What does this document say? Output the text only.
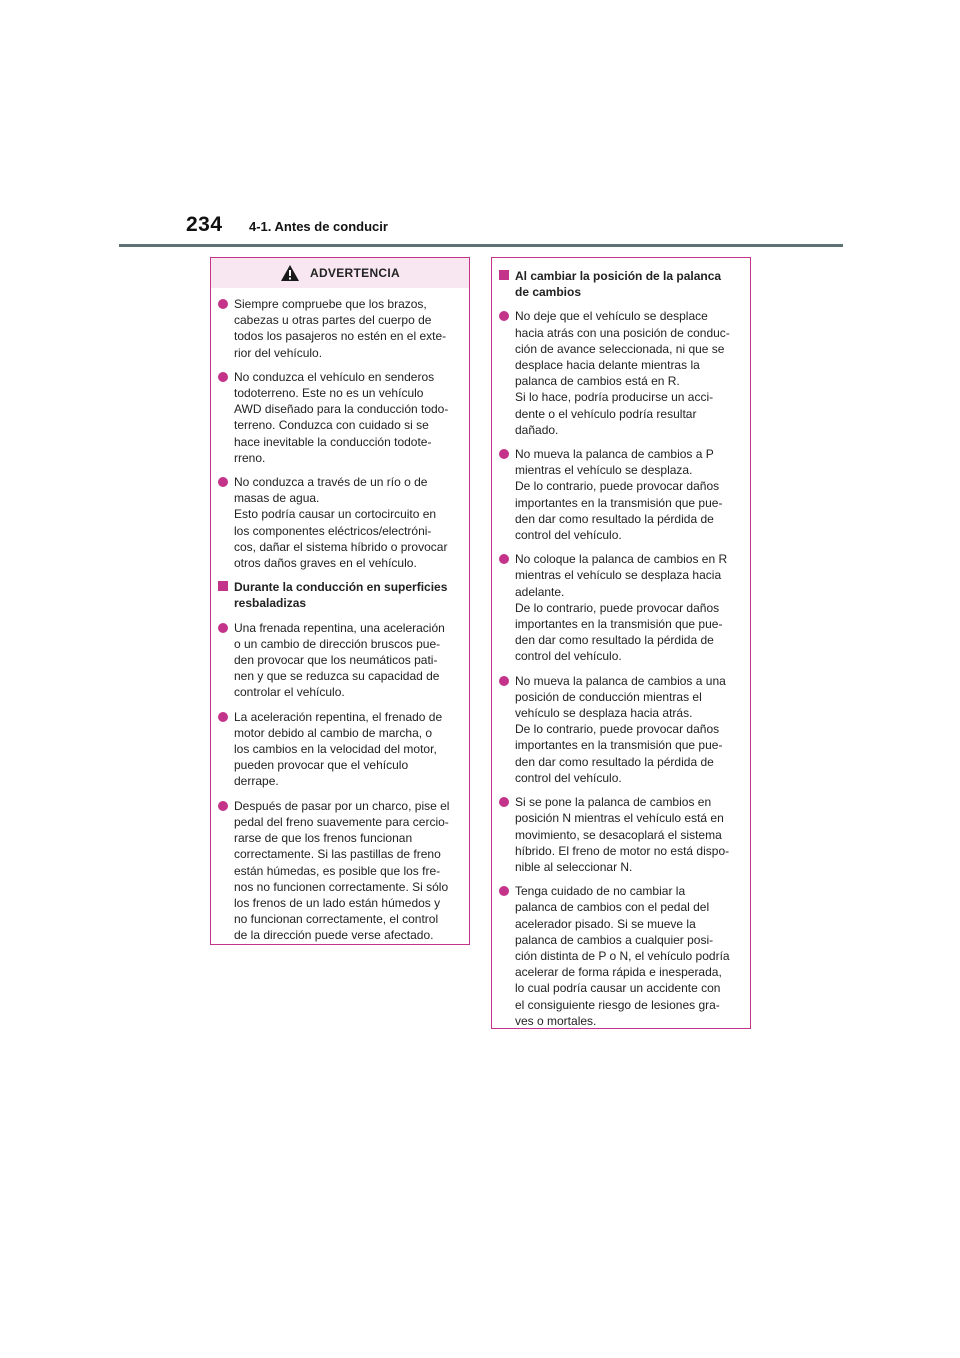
234 4-1. Antes de conducir
ADVERTENCIA
Siempre compruebe que los brazos,
cabezas u otras partes del cuerpo de
todos los pasajeros no estén en el exte-
rior del vehículo.
No conduzca el vehículo en senderos
todoterreno. Este no es un vehículo
AWD diseñado para la conducción todo-
terreno. Conduzca con cuidado si se
hace inevitable la conducción todote-
rreno.
No conduzca a través de un río o de
masas de agua.
Esto podría causar un cortocircuito en
los componentes eléctricos/electróni-
cos, dañar el sistema híbrido o provocar
otros daños graves en el vehículo.
Durante la conducción en superficies
resbaladizas
Una frenada repentina, una aceleración
o un cambio de dirección bruscos pue-
den provocar que los neumáticos pati-
nen y que se reduzca su capacidad de
controlar el vehículo.
La aceleración repentina, el frenado de
motor debido al cambio de marcha, o
los cambios en la velocidad del motor,
pueden provocar que el vehículo
derrape.
Después de pasar por un charco, pise el
pedal del freno suavemente para cercio-
rarse de que los frenos funcionan
correctamente. Si las pastillas de freno
están húmedas, es posible que los fre-
nos no funcionen correctamente. Si sólo
los frenos de un lado están húmedos y
no funcionan correctamente, el control
de la dirección puede verse afectado.
Al cambiar la posición de la palanca
de cambios
No deje que el vehículo se desplace
hacia atrás con una posición de conduc-
ción de avance seleccionada, ni que se
desplace hacia delante mientras la
palanca de cambios está en R.
Si lo hace, podría producirse un acci-
dente o el vehículo podría resultar
dañado.
No mueva la palanca de cambios a P
mientras el vehículo se desplaza.
De lo contrario, puede provocar daños
importantes en la transmisión que pue-
den dar como resultado la pérdida de
control del vehículo.
No coloque la palanca de cambios en R
mientras el vehículo se desplaza hacia
adelante.
De lo contrario, puede provocar daños
importantes en la transmisión que pue-
den dar como resultado la pérdida de
control del vehículo.
No mueva la palanca de cambios a una
posición de conducción mientras el
vehículo se desplaza hacia atrás.
De lo contrario, puede provocar daños
importantes en la transmisión que pue-
den dar como resultado la pérdida de
control del vehículo.
Si se pone la palanca de cambios en
posición N mientras el vehículo está en
movimiento, se desacoplará el sistema
híbrido. El freno de motor no está dispo-
nible al seleccionar N.
Tenga cuidado de no cambiar la
palanca de cambios con el pedal del
acelerador pisado. Si se mueve la
palanca de cambios a cualquier posi-
ción distinta de P o N, el vehículo podría
acelerar de forma rápida e inesperada,
lo cual podría causar un accidente con
el consiguiente riesgo de lesiones gra-
ves o mortales.
